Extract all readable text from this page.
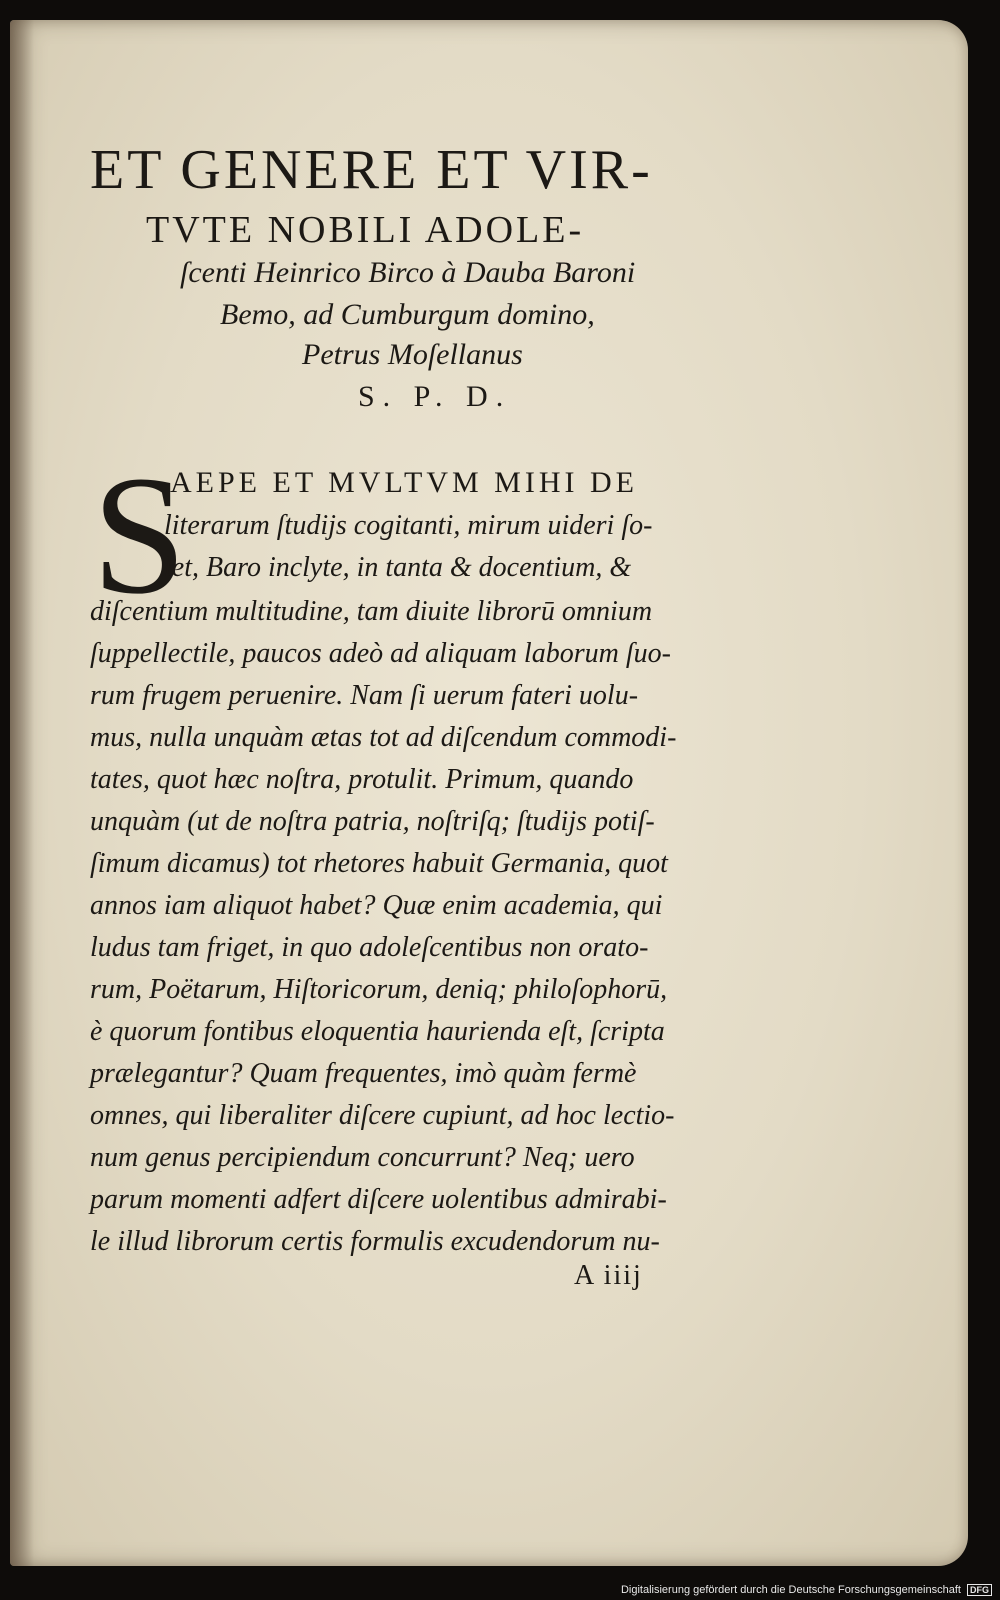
ET GENERE ET VIR-
TVTE NOBILI ADOLE-
ſcenti Heinrico Birco à Dauba Baroni
Bemo, ad Cumburgum domino,
Petrus Moſellanus
S. P. D.
S
AEPE ET MVLTVM MIHI DE
literarum ſtudijs cogitanti, mirum uideri ſo-
let, Baro inclyte, in tanta & docentium, &
diſcentium multitudine, tam diuite librorū omnium
ſuppellectile, paucos adeò ad aliquam laborum ſuo-
rum frugem peruenire. Nam ſi uerum fateri uolu-
mus, nulla unquàm ætas tot ad diſcendum commodi-
tates, quot hæc noſtra, protulit. Primum, quando
unquàm (ut de noſtra patria, noſtriſq; ſtudijs potiſ-
ſimum dicamus) tot rhetores habuit Germania, quot
annos iam aliquot habet? Quæ enim academia, qui
ludus tam friget, in quo adoleſcentibus non orato-
rum, Poëtarum, Hiſtoricorum, deniq; philoſophorū,
è quorum fontibus eloquentia haurienda eſt, ſcripta
prælegantur? Quam frequentes, imò quàm fermè
omnes, qui liberaliter diſcere cupiunt, ad hoc lectio-
num genus percipiendum concurrunt? Neq; uero
parum momenti adfert diſcere uolentibus admirabi-
le illud librorum certis formulis excudendorum nu-
A iiij
Digitalisierung gefördert durch die Deutsche Forschungsgemeinschaft DFG
